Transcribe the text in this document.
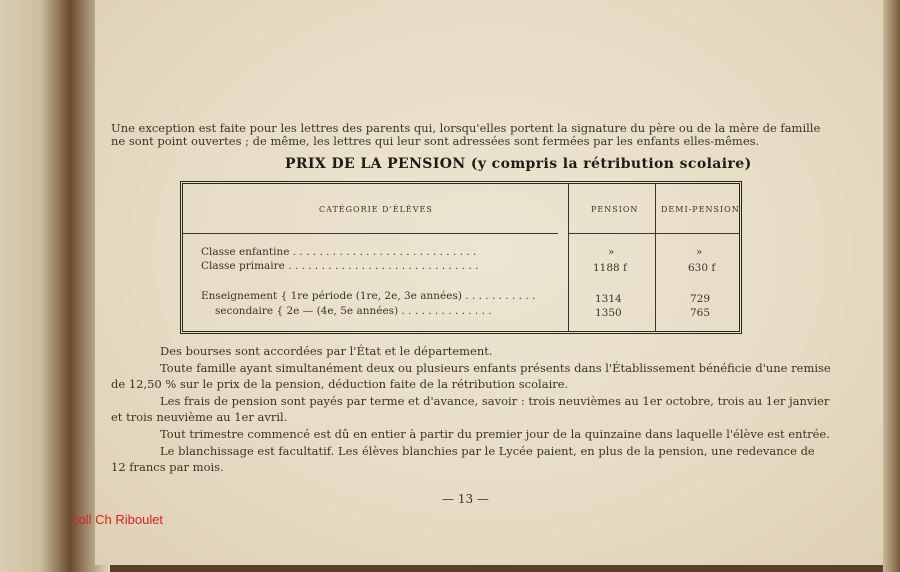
Une exception est faite pour les lettres des parents qui, lorsqu'elles portent la signature du père ou de la mère de famille
ne sont point ouvertes ; de même, les lettres qui leur sont adressées sont fermées par les enfants elles-mêmes.
PRIX DE LA PENSION (y compris la rétribution scolaire)
CATÉGORIE D'ÉLÈVES	PENSION	DEMI-PENSION
Classe enfantine . . . . . . . . . . . . . . . . . . . . . . . . . . . .	»	»
Classe primaire . . . . . . . . . . . . . . . . . . . . . . . . . . . . .	1188 f	630 f
Enseignement { 1re période (1re, 2e, 3e années) . . . . . . . . . . .	1314	729
secondaire { 2e — (4e, 5e années) . . . . . . . . . . . . . .	1350	765
Des bourses sont accordées par l'État et le département.
Toute famille ayant simultanément deux ou plusieurs enfants présents dans l'Établissement bénéficie d'une remise
de 12,50 % sur le prix de la pension, déduction faite de la rétribution scolaire.
Les frais de pension sont payés par terme et d'avance, savoir : trois neuvièmes au 1er octobre, trois au 1er janvier
et trois neuvième au 1er avril.
Tout trimestre commencé est dû en entier à partir du premier jour de la quinzaine dans laquelle l'élève est entrée.
Le blanchissage est facultatif. Les élèves blanchies par le Lycée paient, en plus de la pension, une redevance de
12 francs par mois.
— 13 —
coll Ch Riboulet
